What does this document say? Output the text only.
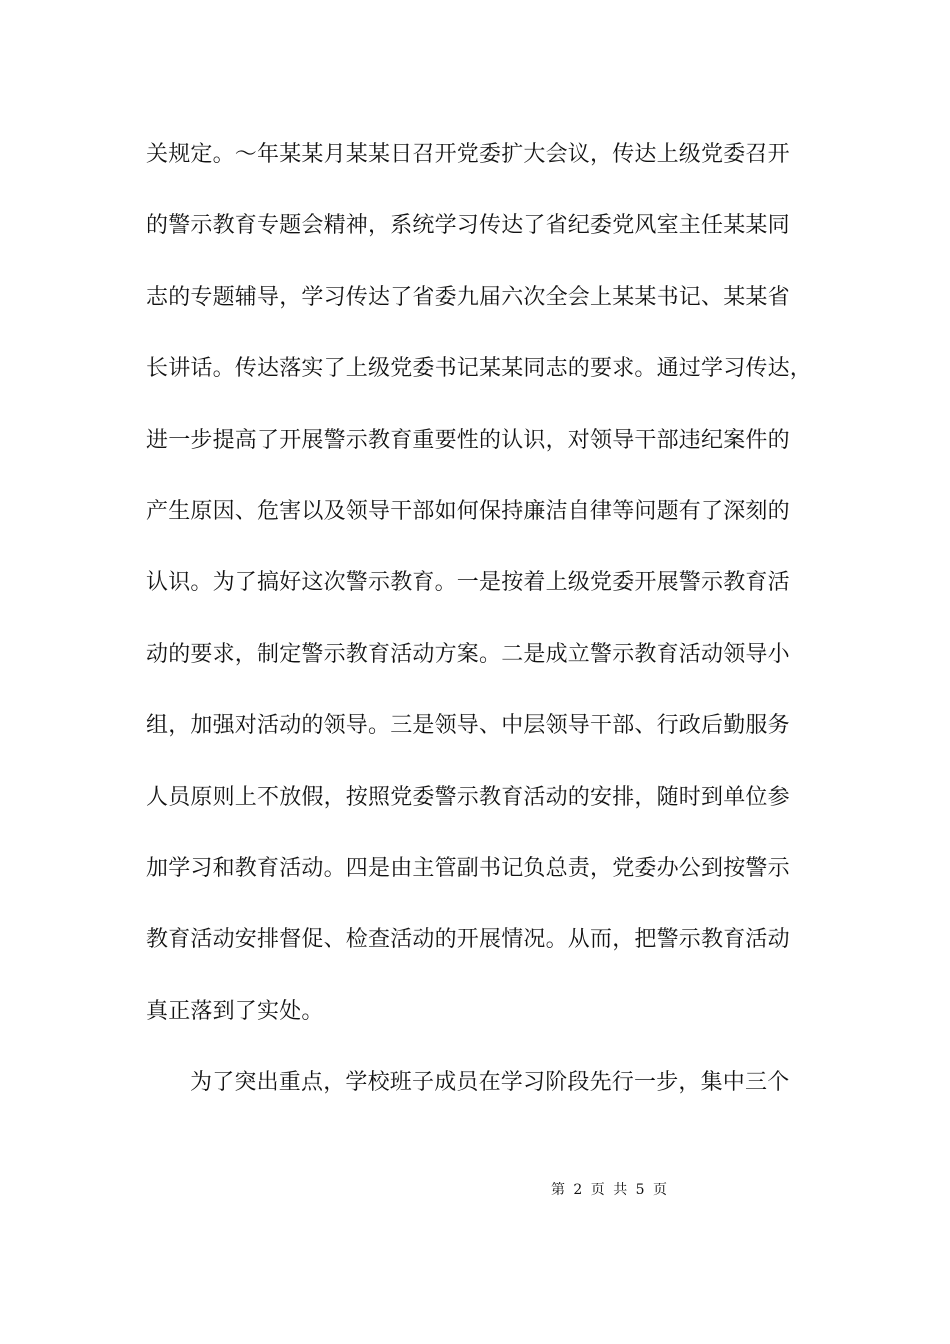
关规定。～年某某月某某日召开党委扩大会议，传达上级党委召开
的警示教育专题会精神，系统学习传达了省纪委党风室主任某某同
志的专题辅导，学习传达了省委九届六次全会上某某书记、某某省
长讲话。传达落实了上级党委书记某某同志的要求。通过学习传达，
进一步提高了开展警示教育重要性的认识，对领导干部违纪案件的
产生原因、危害以及领导干部如何保持廉洁自律等问题有了深刻的
认识。为了搞好这次警示教育。一是按着上级党委开展警示教育活
动的要求，制定警示教育活动方案。二是成立警示教育活动领导小
组，加强对活动的领导。三是领导、中层领导干部、行政后勤服务
人员原则上不放假，按照党委警示教育活动的安排，随时到单位参
加学习和教育活动。四是由主管副书记负总责，党委办公到按警示
教育活动安排督促、检查活动的开展情况。从而，把警示教育活动
真正落到了实处。
为了突出重点，学校班子成员在学习阶段先行一步，集中三个
第 2 页 共 5 页
